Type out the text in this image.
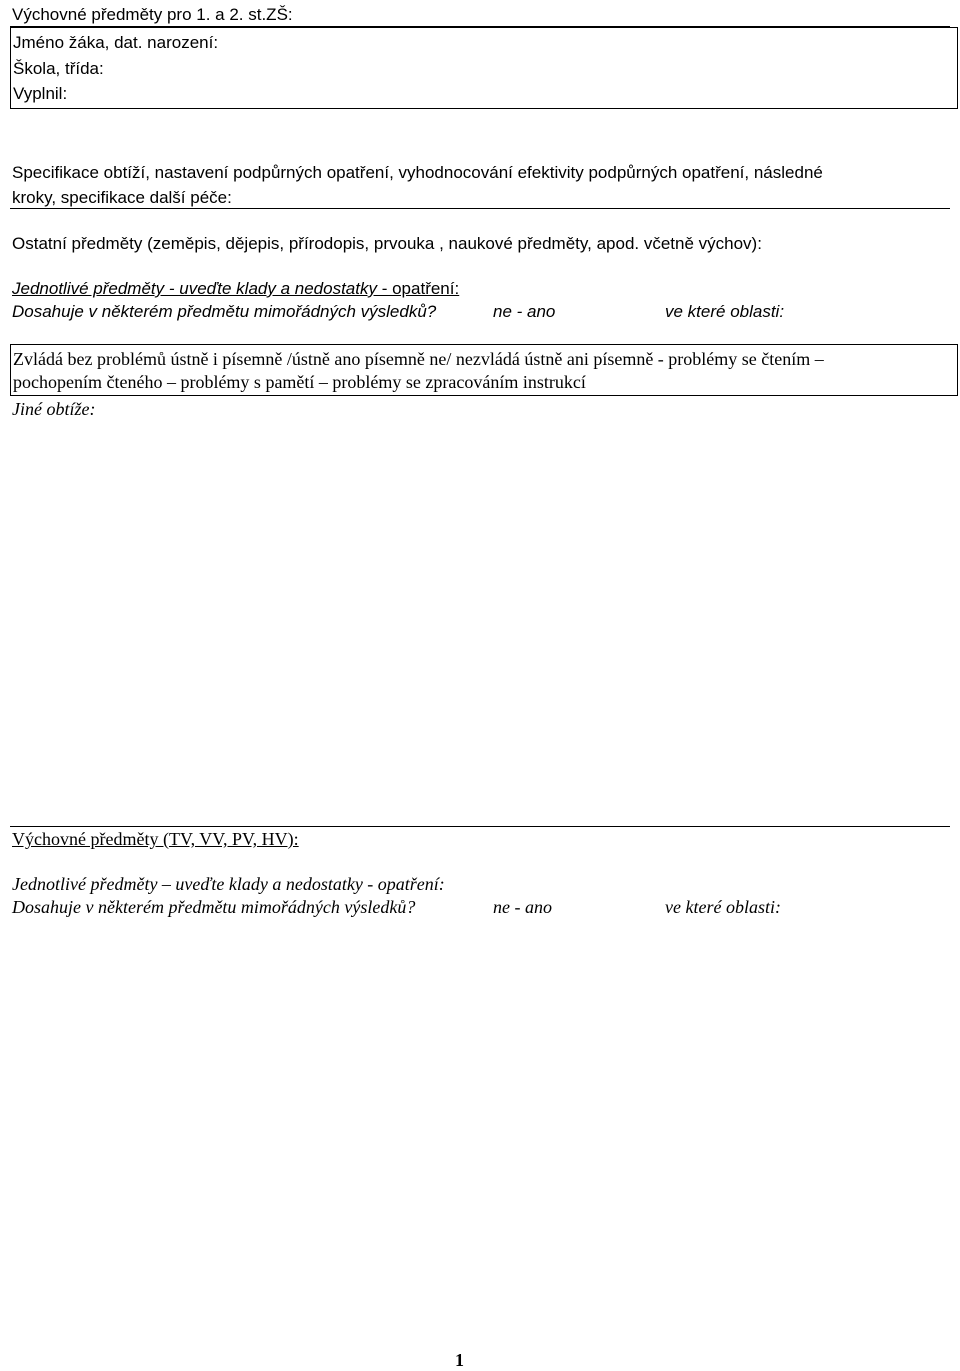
Výchovné předměty pro 1. a 2. st.ZŠ:
Jméno žáka, dat. narození:
Škola, třída:
Vyplnil:
Specifikace obtíží, nastavení podpůrných opatření, vyhodnocování efektivity podpůrných opatření, následné
kroky, specifikace další péče:
Ostatní předměty (zeměpis, dějepis, přírodopis, prvouka , naukové předměty, apod. včetně výchov):
Jednotlivé předměty - uveďte klady a nedostatky - opatření:
Dosahuje v některém předmětu mimořádných výsledků?	ne - ano	ve které oblasti:
Zvládá bez problémů ústně i písemně /ústně ano písemně ne/ nezvládá ústně ani písemně - problémy se čtením –
pochopením čteného – problémy s pamětí – problémy se zpracováním instrukcí
Jiné obtíže:
Výchovné předměty (TV, VV, PV, HV):
Jednotlivé předměty – uveďte klady a nedostatky - opatření:
Dosahuje v některém předmětu mimořádných výsledků?	ne - ano	ve které oblasti:
1
